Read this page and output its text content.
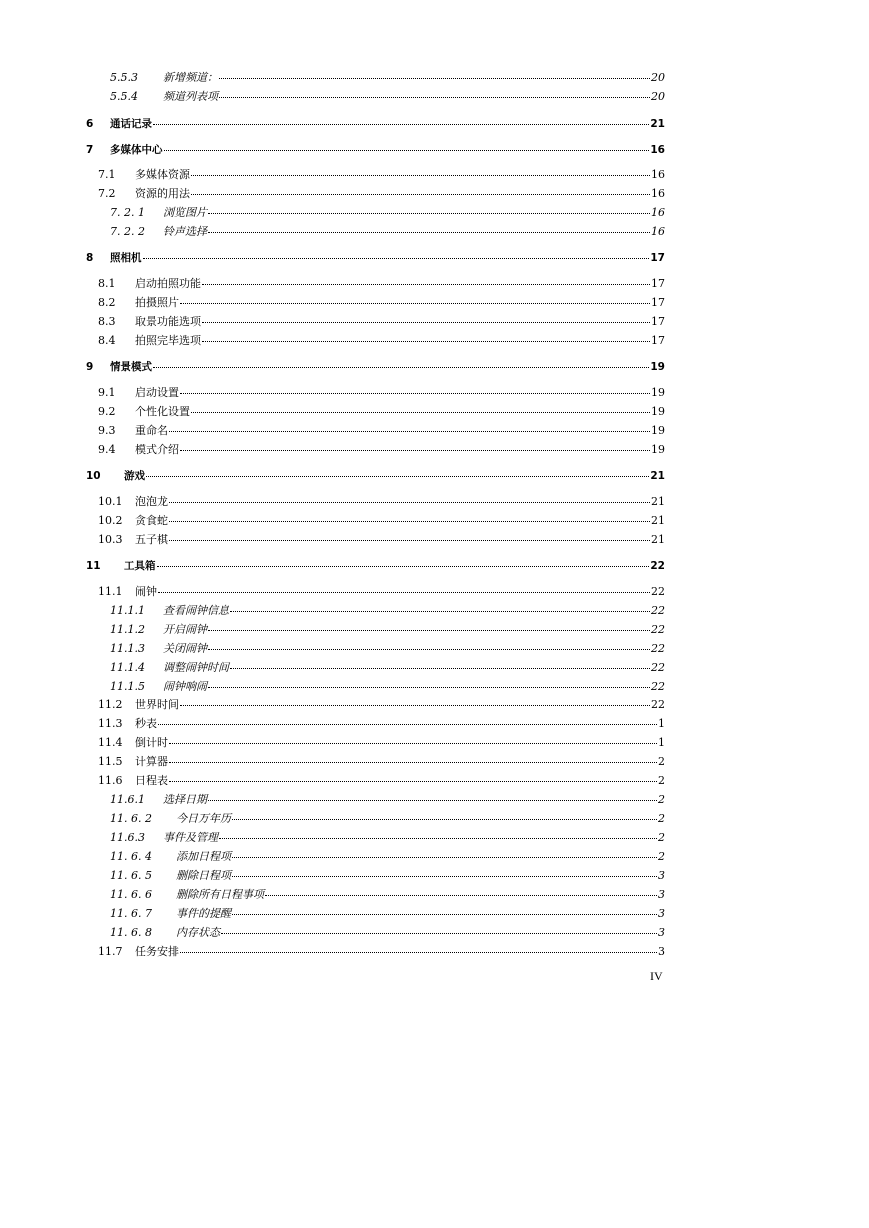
5.5.3	新增频道：	20
5.5.4	频道列表项	20
6	通话记录	21
7	多媒体中心	16
7.1	多媒体资源	16
7.2	资源的用法	16
7. 2. 1	浏览图片	16
7. 2. 2	铃声选择	16
8	照相机	17
8.1	启动拍照功能	17
8.2	拍摄照片	17
8.3	取景功能选项	17
8.4	拍照完毕选项	17
9	情景模式	19
9.1	启动设置	19
9.2	个性化设置	19
9.3	重命名	19
9.4	模式介绍	19
10	游戏	21
10.1	泡泡龙	21
10.2	贪食蛇	21
10.3	五子棋	21
11	工具箱	22
11.1	闹钟	22
11.1.1	查看闹钟信息	22
11.1.2	开启闹钟	22
11.1.3	关闭闹钟	22
11.1.4	调整闹钟时间	22
11.1.5	闹钟响闹	22
11.2	世界时间	22
11.3	秒表	1
11.4	倒计时	1
11.5	计算器	2
11.6	日程表	2
11.6.1	选择日期	2
11. 6. 2	今日万年历	2
11.6.3	事件及管理	2
11. 6. 4	添加日程项	2
11. 6. 5	删除日程项	3
11. 6. 6	删除所有日程事项	3
11. 6. 7	事件的提醒	3
11. 6. 8	内存状态	3
11.7	任务安排	3
IV
